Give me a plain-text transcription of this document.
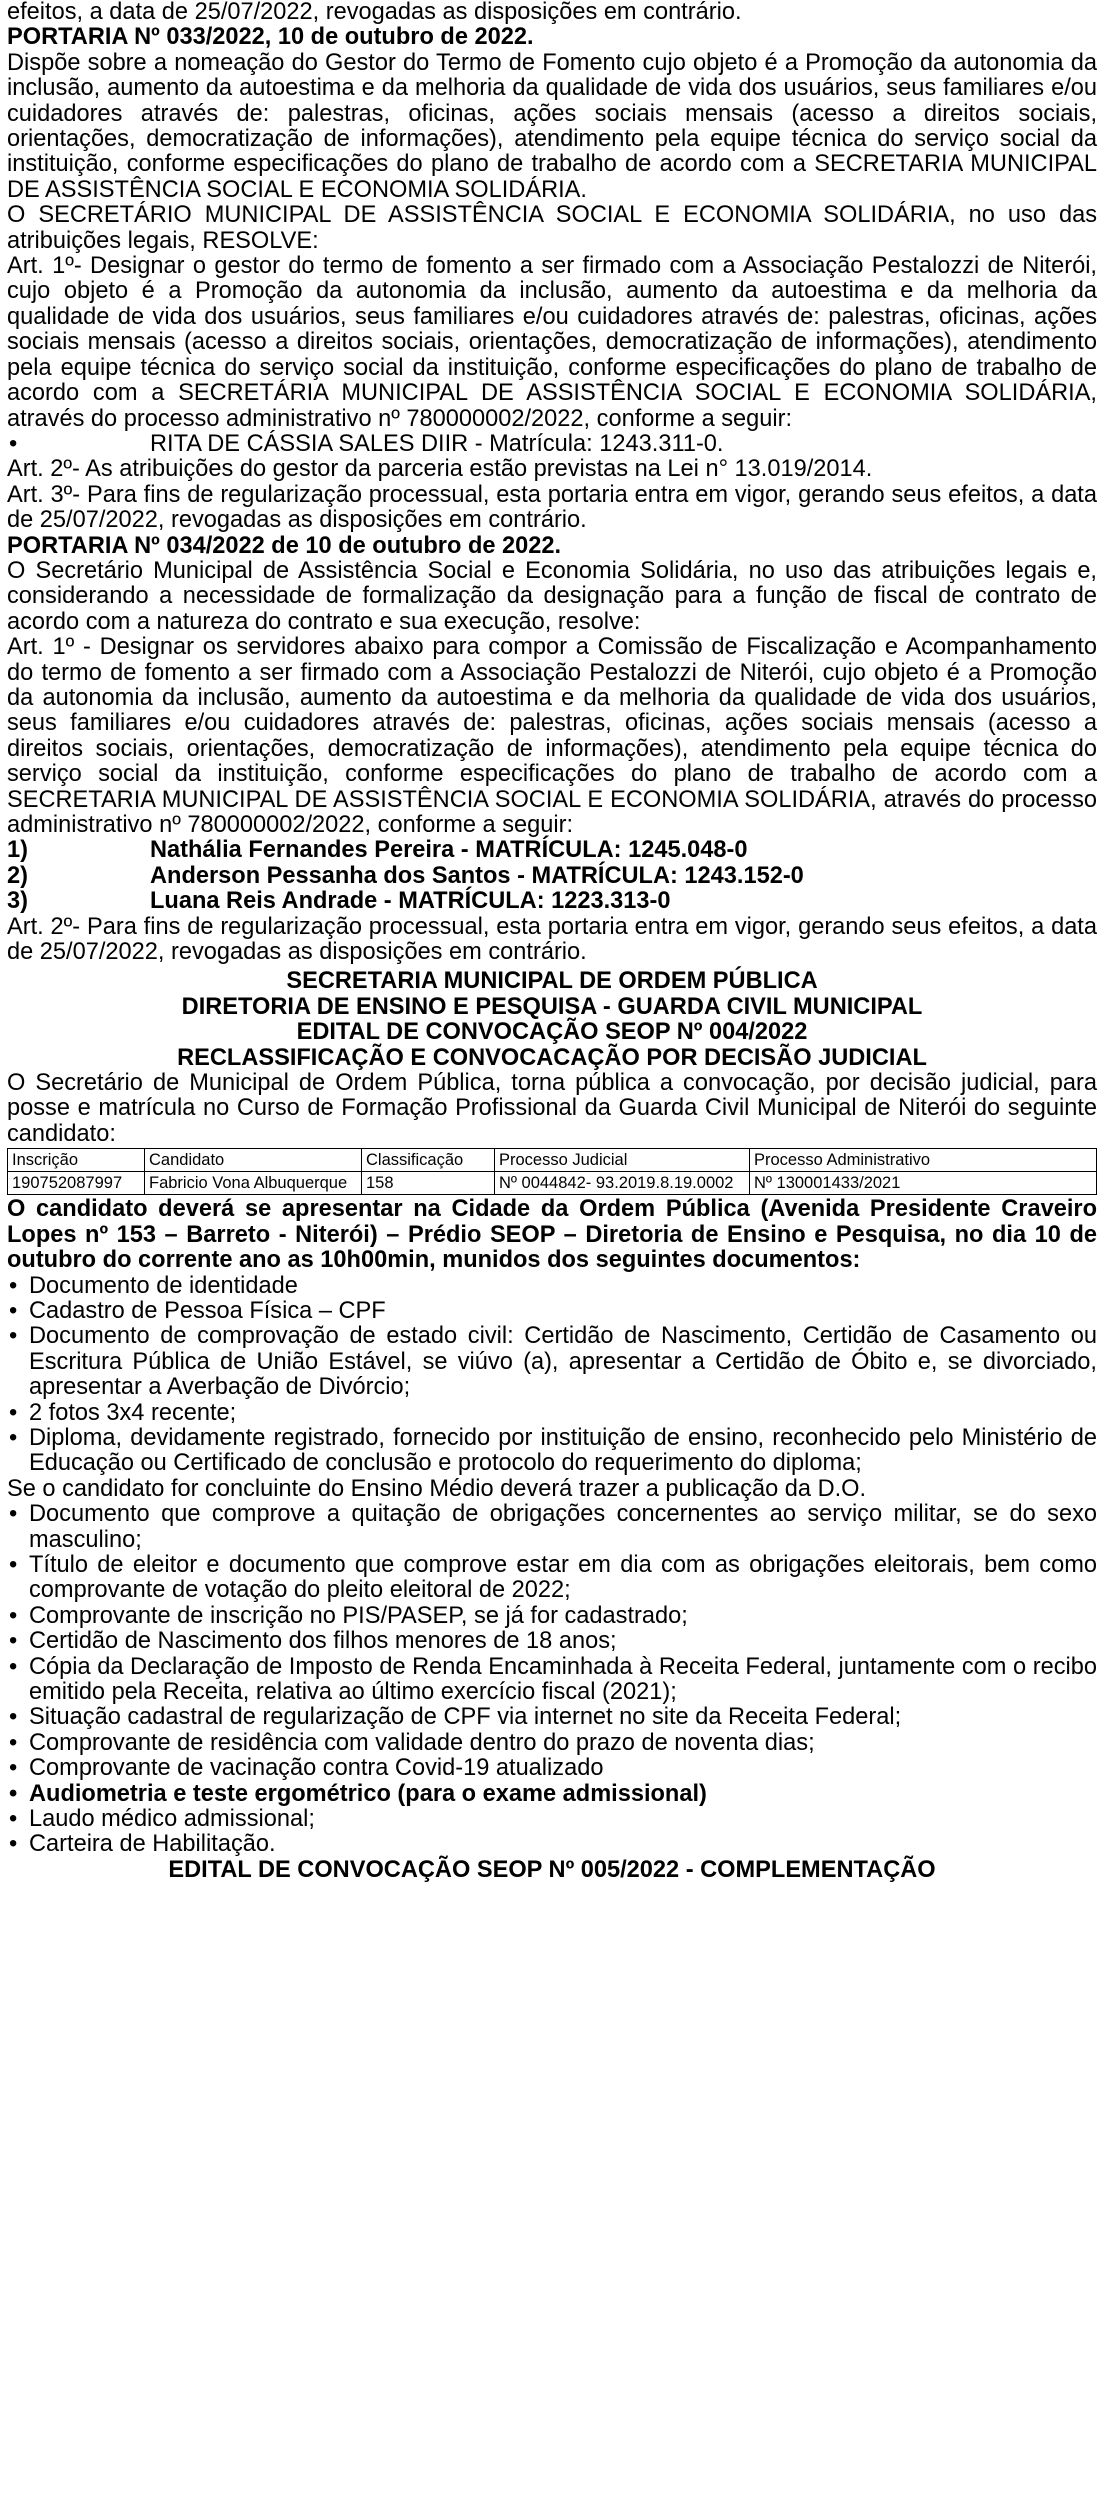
efeitos, a data de 25/07/2022, revogadas as disposições em contrário.

PORTARIA Nº 033/2022, 10 de outubro de 2022.

Dispõe sobre a nomeação do Gestor do Termo de Fomento cujo objeto é a Promoção da autonomia da inclusão, aumento da autoestima e da melhoria da qualidade de vida dos usuários, seus familiares e/ou cuidadores através de: palestras, oficinas, ações sociais mensais (acesso a direitos sociais, orientações, democratização de informações), atendimento pela equipe técnica do serviço social da instituição, conforme especificações do plano de trabalho de acordo com a SECRETARIA MUNICIPAL DE ASSISTÊNCIA SOCIAL E ECONOMIA SOLIDÁRIA.

O SECRETÁRIO MUNICIPAL DE ASSISTÊNCIA SOCIAL E ECONOMIA SOLIDÁRIA, no uso das atribuições legais, RESOLVE:

Art. 1º- Designar o gestor do termo de fomento a ser firmado com a Associação Pestalozzi de Niterói, cujo objeto é a Promoção da autonomia da inclusão, aumento da autoestima e da melhoria da qualidade de vida dos usuários, seus familiares e/ou cuidadores através de: palestras, oficinas, ações sociais mensais (acesso a direitos sociais, orientações, democratização de informações), atendimento pela equipe técnica do serviço social da instituição, conforme especificações do plano de trabalho de acordo com a SECRETÁRIA MUNICIPAL DE ASSISTÊNCIA SOCIAL E ECONOMIA SOLIDÁRIA, através do processo administrativo nº 780000002/2022, conforme a seguir:

•	RITA DE CÁSSIA SALES DIIR - Matrícula: 1243.311-0.

Art. 2º- As atribuições do gestor da parceria estão previstas na Lei n° 13.019/2014.

Art. 3º- Para fins de regularização processual, esta portaria entra em vigor, gerando seus efeitos, a data de 25/07/2022, revogadas as disposições em contrário.

PORTARIA Nº 034/2022 de 10 de outubro de 2022.

O Secretário Municipal de Assistência Social e Economia Solidária, no uso das atribuições legais e, considerando a necessidade de formalização da designação para a função de fiscal de contrato de acordo com a natureza do contrato e sua execução, resolve:

Art. 1º - Designar os servidores abaixo para compor a Comissão de Fiscalização e Acompanhamento do termo de fomento a ser firmado com a Associação Pestalozzi de Niterói, cujo objeto é a Promoção da autonomia da inclusão, aumento da autoestima e da melhoria da qualidade de vida dos usuários, seus familiares e/ou cuidadores através de: palestras, oficinas, ações sociais mensais (acesso a direitos sociais, orientações, democratização de informações), atendimento pela equipe técnica do serviço social da instituição, conforme especificações do plano de trabalho de acordo com a SECRETARIA MUNICIPAL DE ASSISTÊNCIA SOCIAL E ECONOMIA SOLIDÁRIA, através do processo administrativo nº 780000002/2022, conforme a seguir:

1)	Nathália Fernandes Pereira - MATRÍCULA: 1245.048-0

2)	Anderson Pessanha dos Santos - MATRÍCULA: 1243.152-0

3)	Luana Reis Andrade - MATRÍCULA: 1223.313-0

Art. 2º- Para fins de regularização processual, esta portaria entra em vigor, gerando seus efeitos, a data de 25/07/2022, revogadas as disposições em contrário.

SECRETARIA MUNICIPAL DE ORDEM PÚBLICA

DIRETORIA DE ENSINO E PESQUISA - GUARDA CIVIL MUNICIPAL

EDITAL DE CONVOCAÇÃO SEOP Nº 004/2022

RECLASSIFICAÇÃO E CONVOCACAÇÃO POR DECISÃO JUDICIAL

O Secretário de Municipal de Ordem Pública, torna pública a convocação, por decisão judicial, para posse e matrícula no Curso de Formação Profissional da Guarda Civil Municipal de Niterói do seguinte candidato:

Inscrição	Candidato	Classificação	Processo Judicial	Processo Administrativo
190752087997	Fabricio Vona Albuquerque	158	Nº 0044842- 93.2019.8.19.0002	Nº 130001433/2021

O candidato deverá se apresentar na Cidade da Ordem Pública (Avenida Presidente Craveiro Lopes nº 153 – Barreto - Niterói) – Prédio SEOP – Diretoria de Ensino e Pesquisa, no dia 10 de outubro do corrente ano as 10h00min, munidos dos seguintes documentos:

• Documento de identidade

• Cadastro de Pessoa Física – CPF

• Documento de comprovação de estado civil: Certidão de Nascimento, Certidão de Casamento ou Escritura Pública de União Estável, se viúvo (a), apresentar a Certidão de Óbito e, se divorciado, apresentar a Averbação de Divórcio;

• 2 fotos 3x4 recente;

• Diploma, devidamente registrado, fornecido por instituição de ensino, reconhecido pelo Ministério de Educação ou Certificado de conclusão e protocolo do requerimento do diploma;

Se o candidato for concluinte do Ensino Médio deverá trazer a publicação da D.O.

• Documento que comprove a quitação de obrigações concernentes ao serviço militar, se do sexo masculino;

• Título de eleitor e documento que comprove estar em dia com as obrigações eleitorais, bem como comprovante de votação do pleito eleitoral de 2022;

• Comprovante de inscrição no PIS/PASEP, se já for cadastrado;

• Certidão de Nascimento dos filhos menores de 18 anos;

• Cópia da Declaração de Imposto de Renda Encaminhada à Receita Federal, juntamente com o recibo emitido pela Receita, relativa ao último exercício fiscal (2021);

• Situação cadastral de regularização de CPF via internet no site da Receita Federal;

• Comprovante de residência com validade dentro do prazo de noventa dias;

• Comprovante de vacinação contra Covid-19 atualizado

• Audiometria e teste ergométrico (para o exame admissional)

• Laudo médico admissional;

• Carteira de Habilitação.

EDITAL DE CONVOCAÇÃO SEOP Nº 005/2022 - COMPLEMENTAÇÃO
